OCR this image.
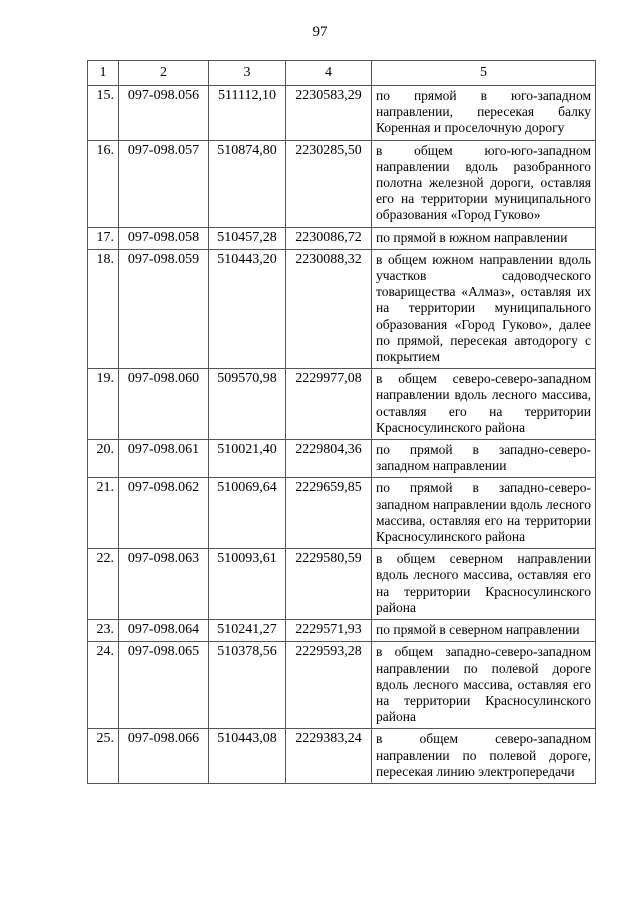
97
1	2	3	4	5
15.	097-098.056	511112,10	2230583,29	по прямой в юго-западном направлении, пересекая балку Коренная и проселочную дорогу
16.	097-098.057	510874,80	2230285,50	в общем юго-юго-западном направлении вдоль разобранного полотна железной дороги, оставляя его на территории муниципального образования «Город Гуково»
17.	097-098.058	510457,28	2230086,72	по прямой в южном направлении
18.	097-098.059	510443,20	2230088,32	в общем южном направлении вдоль участков садоводческого товарищества «Алмаз», оставляя их на территории муниципального образования «Город Гуково», далее по прямой, пересекая автодорогу с покрытием
19.	097-098.060	509570,98	2229977,08	в общем северо-северо-западном направлении вдоль лесного массива, оставляя его на территории Красносулинского района
20.	097-098.061	510021,40	2229804,36	по прямой в западно-северо-западном направлении
21.	097-098.062	510069,64	2229659,85	по прямой в западно-северо-западном направлении вдоль лесного массива, оставляя его на территории Красносулинского района
22.	097-098.063	510093,61	2229580,59	в общем северном направлении вдоль лесного массива, оставляя его на территории Красносулинского района
23.	097-098.064	510241,27	2229571,93	по прямой в северном направлении
24.	097-098.065	510378,56	2229593,28	в общем западно-северо-западном направлении по полевой дороге вдоль лесного массива, оставляя его на территории Красносулинского района
25.	097-098.066	510443,08	2229383,24	в общем северо-западном направлении по полевой дороге, пересекая линию электропередачи
